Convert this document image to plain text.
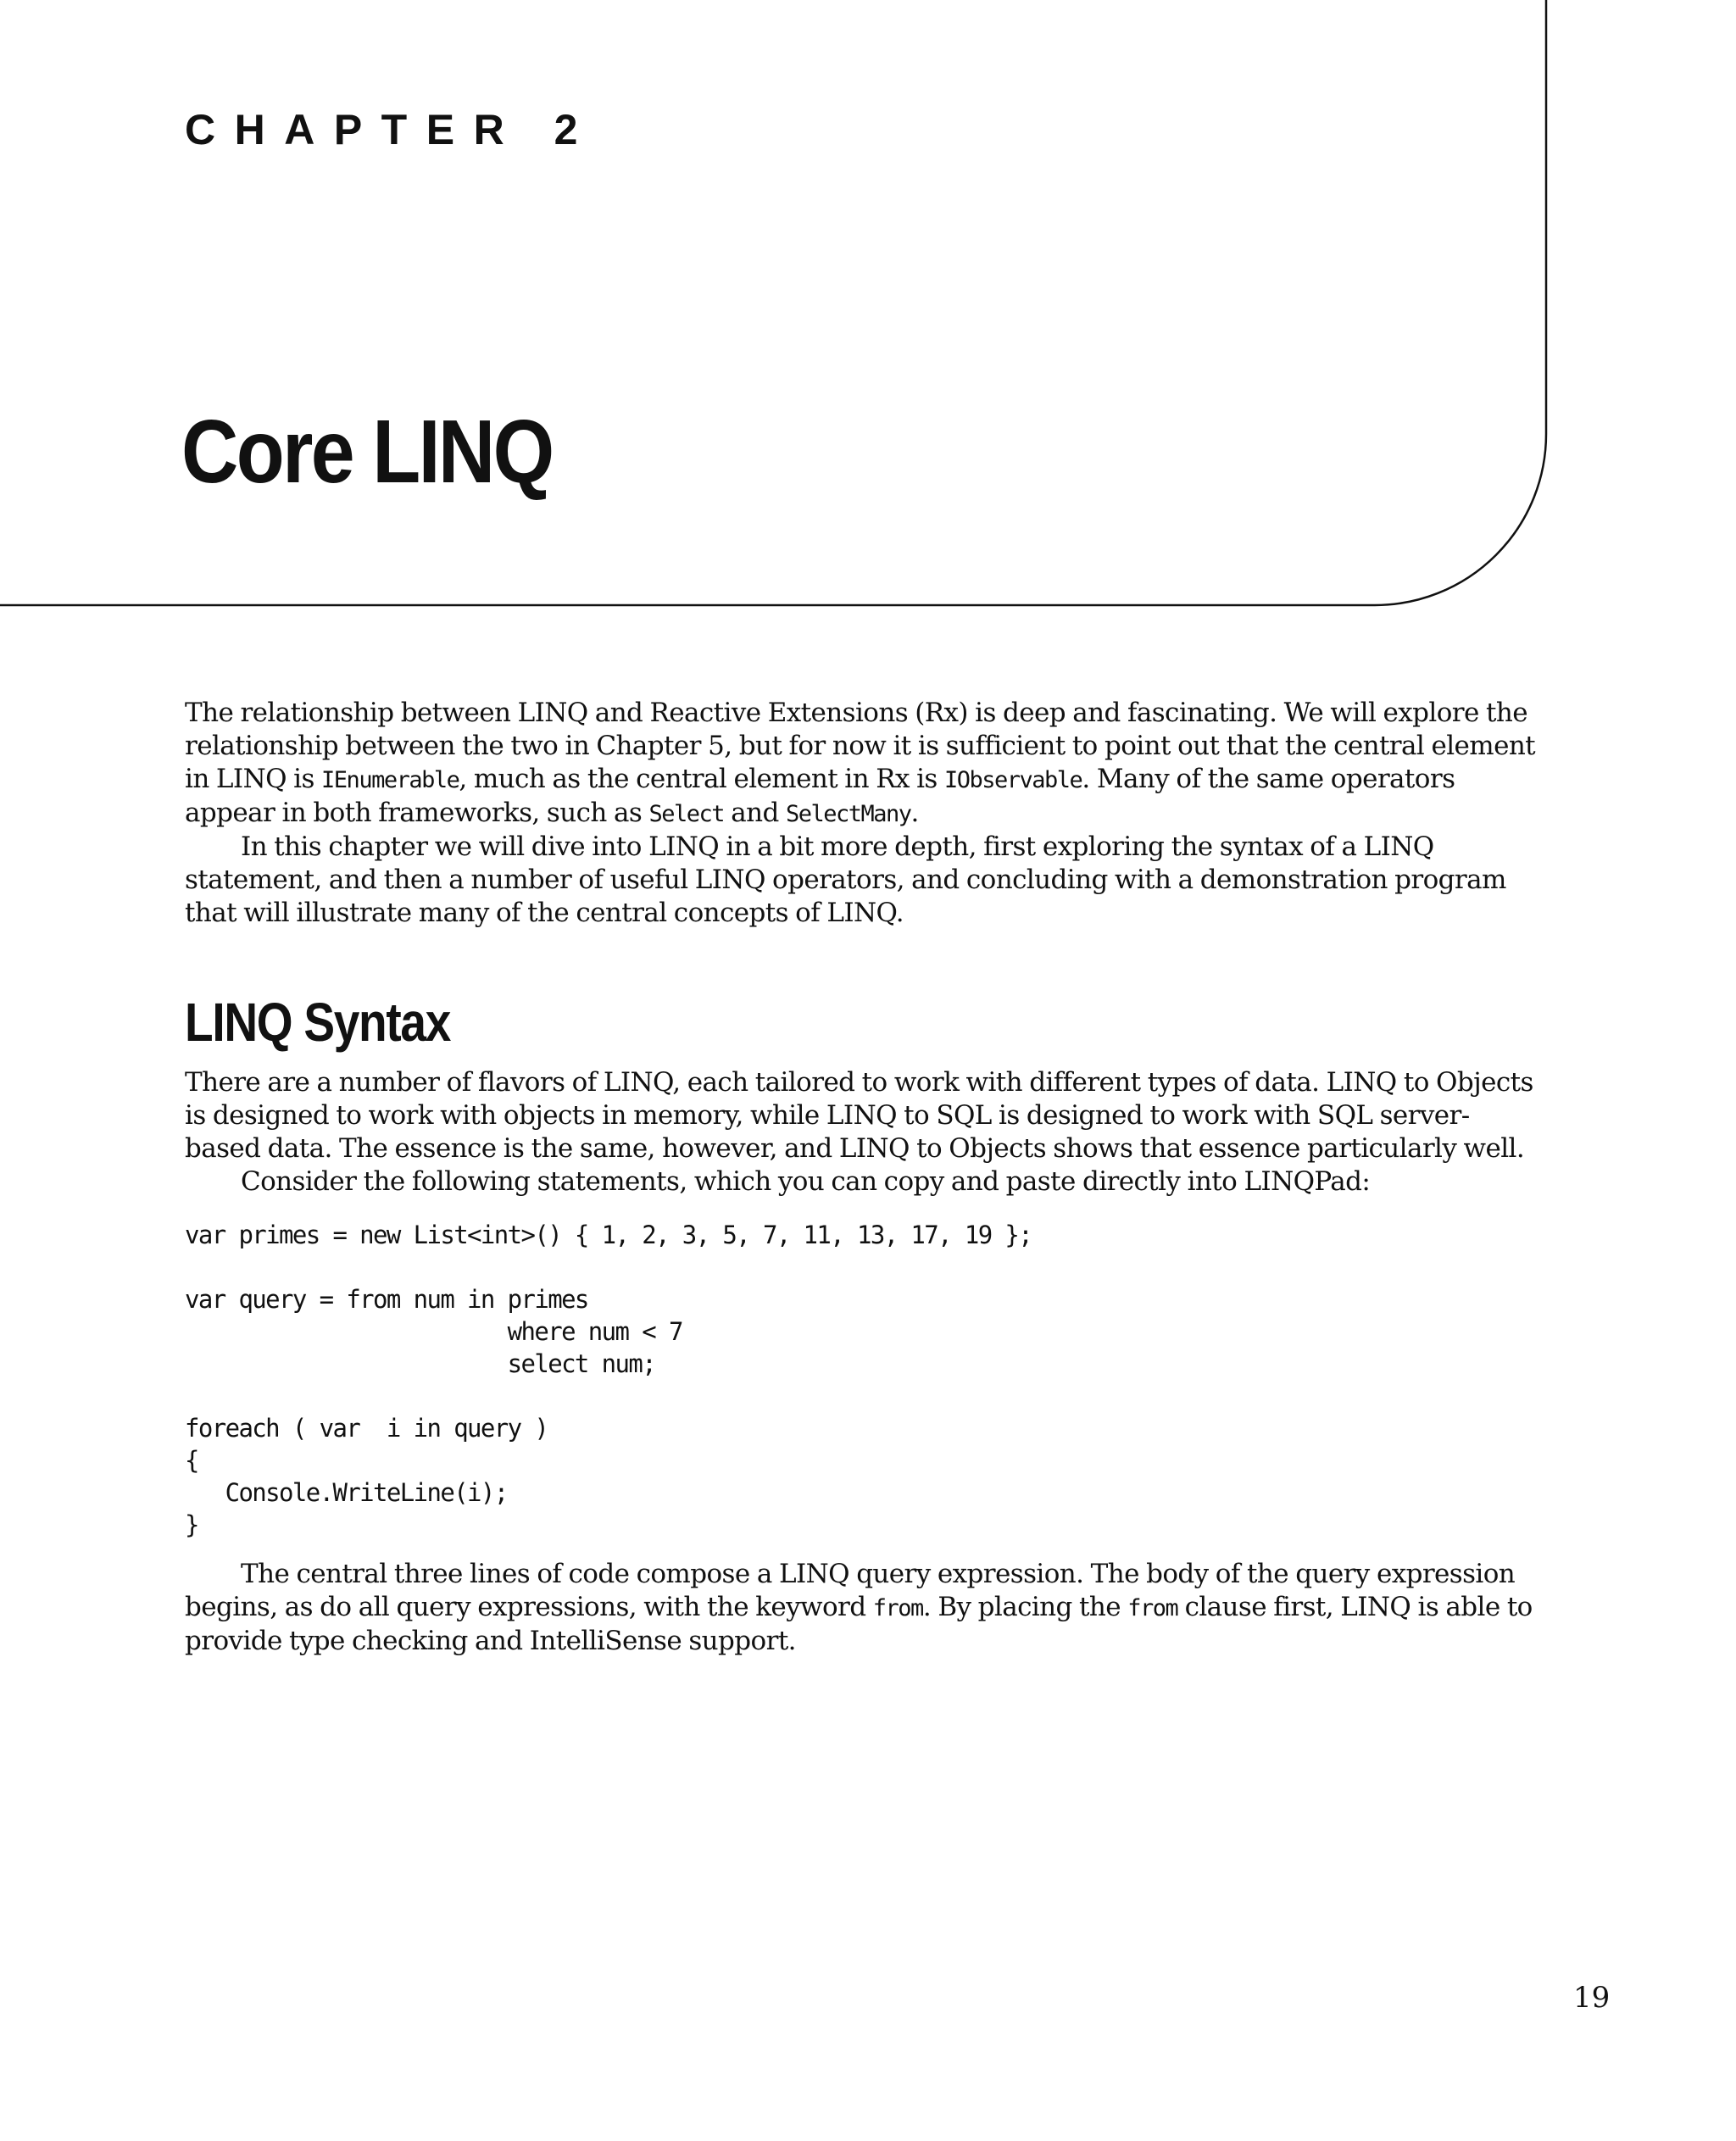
CHAPTER 2
Core LINQ

The relationship between LINQ and Reactive Extensions (Rx) is deep and fascinating. We will explore the relationship between the two in Chapter 5, but for now it is sufficient to point out that the central element in LINQ is IEnumerable, much as the central element in Rx is IObservable. Many of the same operators appear in both frameworks, such as Select and SelectMany.

In this chapter we will dive into LINQ in a bit more depth, first exploring the syntax of a LINQ statement, and then a number of useful LINQ operators, and concluding with a demonstration program that will illustrate many of the central concepts of LINQ.

LINQ Syntax

There are a number of flavors of LINQ, each tailored to work with different types of data. LINQ to Objects is designed to work with objects in memory, while LINQ to SQL is designed to work with SQL server-based data. The essence is the same, however, and LINQ to Objects shows that essence particularly well.

Consider the following statements, which you can copy and paste directly into LINQPad:

var primes = new List<int>() { 1, 2, 3, 5, 7, 11, 13, 17, 19 };
var query = from num in primes
where num < 7
select num;
foreach ( var  i in query )
{
Console.WriteLine(i);
}

The central three lines of code compose a LINQ query expression. The body of the query expression begins, as do all query expressions, with the keyword from. By placing the from clause first, LINQ is able to provide type checking and IntelliSense support.

19
